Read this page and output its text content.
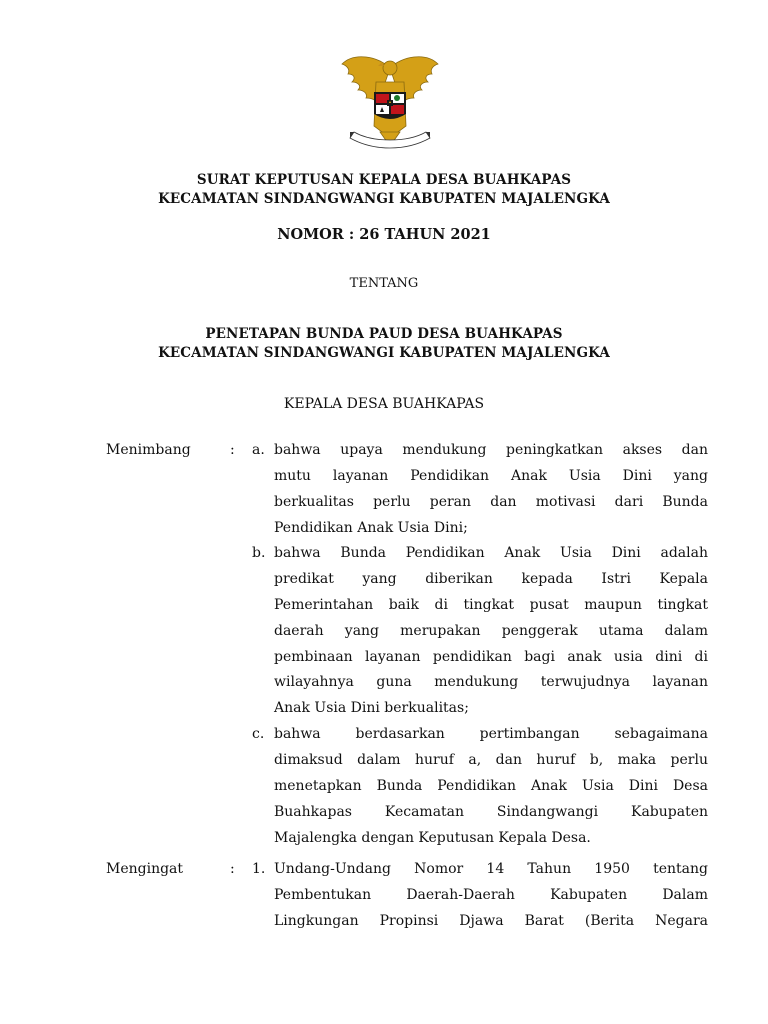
SURAT KEPUTUSAN KEPALA DESA BUAHKAPAS
KECAMATAN SINDANGWANGI KABUPATEN MAJALENGKA
NOMOR : 26 TAHUN 2021
TENTANG
PENETAPAN BUNDA PAUD DESA BUAHKAPAS
KECAMATAN SINDANGWANGI KABUPATEN MAJALENGKA
KEPALA DESA BUAHKAPAS
Menimbang	: a. bahwa upaya mendukung peningkatkan akses dan
mutu layanan Pendidikan Anak Usia Dini yang
berkualitas perlu peran dan motivasi dari Bunda
Pendidikan Anak Usia Dini;
b. bahwa Bunda Pendidikan Anak Usia Dini adalah
predikat yang diberikan kepada Istri Kepala
Pemerintahan baik di tingkat pusat maupun tingkat
daerah yang merupakan penggerak utama dalam
pembinaan layanan pendidikan bagi anak usia dini di
wilayahnya guna mendukung terwujudnya layanan
Anak Usia Dini berkualitas;
c. bahwa berdasarkan pertimbangan sebagaimana
dimaksud dalam huruf a, dan huruf b, maka perlu
menetapkan Bunda Pendidikan Anak Usia Dini Desa
Buahkapas Kecamatan Sindangwangi Kabupaten
Majalengka dengan Keputusan Kepala Desa.
Mengingat	: 1. Undang-Undang Nomor 14 Tahun 1950 tentang
Pembentukan Daerah-Daerah Kabupaten Dalam
Lingkungan Propinsi Djawa Barat (Berita Negara
